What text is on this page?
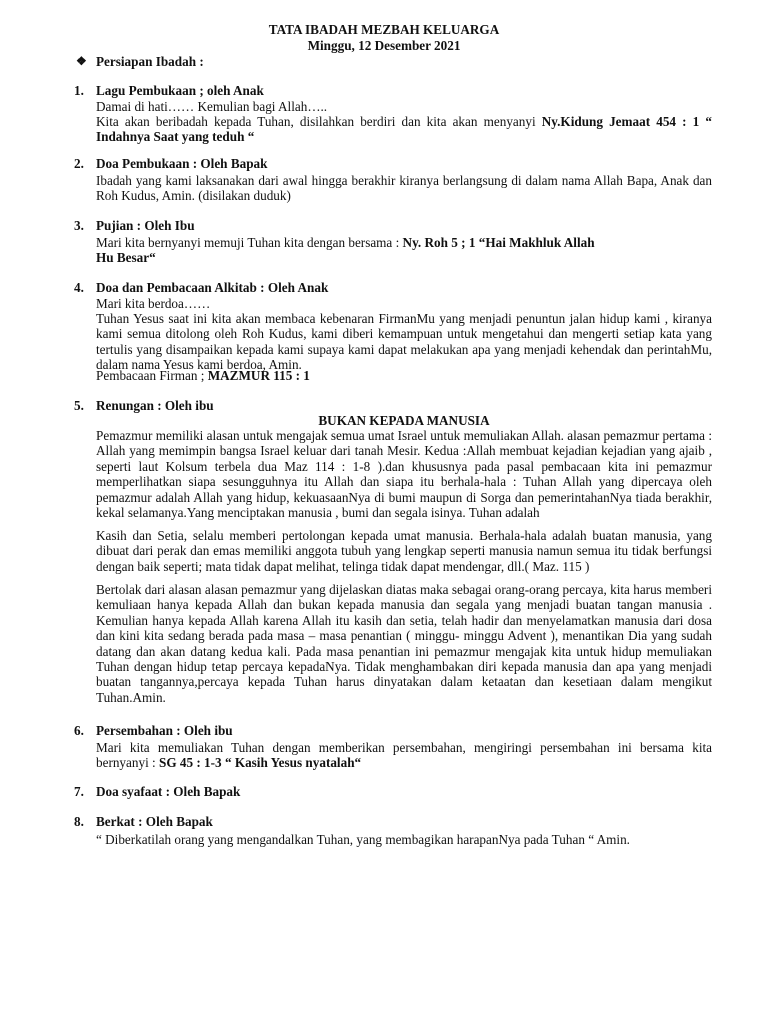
TATA IBADAH MEZBAH KELUARGA
Minggu, 12 Desember 2021
❖ Persiapan Ibadah :
1. Lagu Pembukaan ; oleh Anak
Damai di hati…… Kemulian bagi Allah…..
Kita akan beribadah kepada Tuhan, disilahkan berdiri dan kita akan menyanyi Ny.Kidung Jemaat 454 : 1 “ Indahnya Saat yang teduh “
2. Doa Pembukaan : Oleh Bapak
Ibadah yang kami laksanakan dari awal hingga berakhir kiranya berlangsung di dalam nama Allah Bapa, Anak dan Roh Kudus, Amin. (disilakan duduk)
3. Pujian : Oleh Ibu
Mari kita bernyanyi memuji Tuhan kita dengan bersama : Ny. Roh 5 ; 1 “Hai Makhluk Allah
Hu Besar“
4. Doa dan Pembacaan Alkitab : Oleh Anak
Mari kita berdoa……
Tuhan Yesus saat ini kita akan membaca kebenaran FirmanMu yang menjadi penuntun jalan hidup kami , kiranya kami semua ditolong oleh Roh Kudus, kami diberi kemampuan untuk mengetahui dan mengerti setiap kata yang tertulis yang disampaikan kepada kami supaya kami dapat melakukan apa yang menjadi kehendak dan perintahMu, dalam nama Yesus kami berdoa, Amin.
Pembacaan Firman ; MAZMUR 115 : 1
5. Renungan : Oleh ibu
BUKAN KEPADA MANUSIA
Pemazmur memiliki alasan untuk mengajak semua umat Israel untuk memuliakan Allah. alasan pemazmur pertama : Allah yang memimpin bangsa Israel keluar dari tanah Mesir. Kedua :Allah membuat kejadian kejadian yang ajaib , seperti laut Kolsum terbela dua Maz 114 : 1-8 ).dan khususnya pada pasal pembacaan kita ini pemazmur memperlihatkan siapa sesungguhnya itu Allah dan siapa itu berhala-hala : Tuhan Allah yang dipercaya oleh pemazmur adalah Allah yang hidup, kekuasaanNya di bumi maupun di Sorga dan pemerintahanNya tiada berakhir, kekal selamanya.Yang menciptakan manusia , bumi dan segala isinya. Tuhan adalah
Kasih dan Setia, selalu memberi pertolongan kepada umat manusia. Berhala-hala adalah buatan manusia, yang dibuat dari perak dan emas memiliki anggota tubuh yang lengkap seperti manusia namun semua itu tidak berfungsi dengan baik seperti; mata tidak dapat melihat, telinga tidak dapat mendengar, dll.( Maz. 115 )
Bertolak dari alasan alasan pemazmur yang dijelaskan diatas maka sebagai orang-orang percaya, kita harus memberi kemuliaan hanya kepada Allah dan bukan kepada manusia dan segala yang menjadi buatan tangan manusia . Kemulian hanya kepada Allah karena Allah itu kasih dan setia, telah hadir dan menyelamatkan manusia dari dosa dan kini kita sedang berada pada masa – masa penantian ( minggu- minggu Advent ), menantikan Dia yang sudah datang dan akan datang kedua kali. Pada masa penantian ini pemazmur mengajak kita untuk hidup memuliakan Tuhan dengan hidup tetap percaya kepadaNya. Tidak menghambakan diri kepada manusia dan apa yang menjadi buatan tangannya,percaya kepada Tuhan harus dinyatakan dalam ketaatan dan kesetiaan dalam mengikut Tuhan.Amin.
6. Persembahan : Oleh ibu
Mari kita memuliakan Tuhan dengan memberikan persembahan, mengiringi persembahan ini bersama kita bernyanyi : SG 45 : 1-3 “ Kasih Yesus nyatalah“
7. Doa syafaat : Oleh Bapak
8. Berkat : Oleh Bapak
“ Diberkatilah orang yang mengandalkan Tuhan, yang membagikan harapanNya pada Tuhan “ Amin.
